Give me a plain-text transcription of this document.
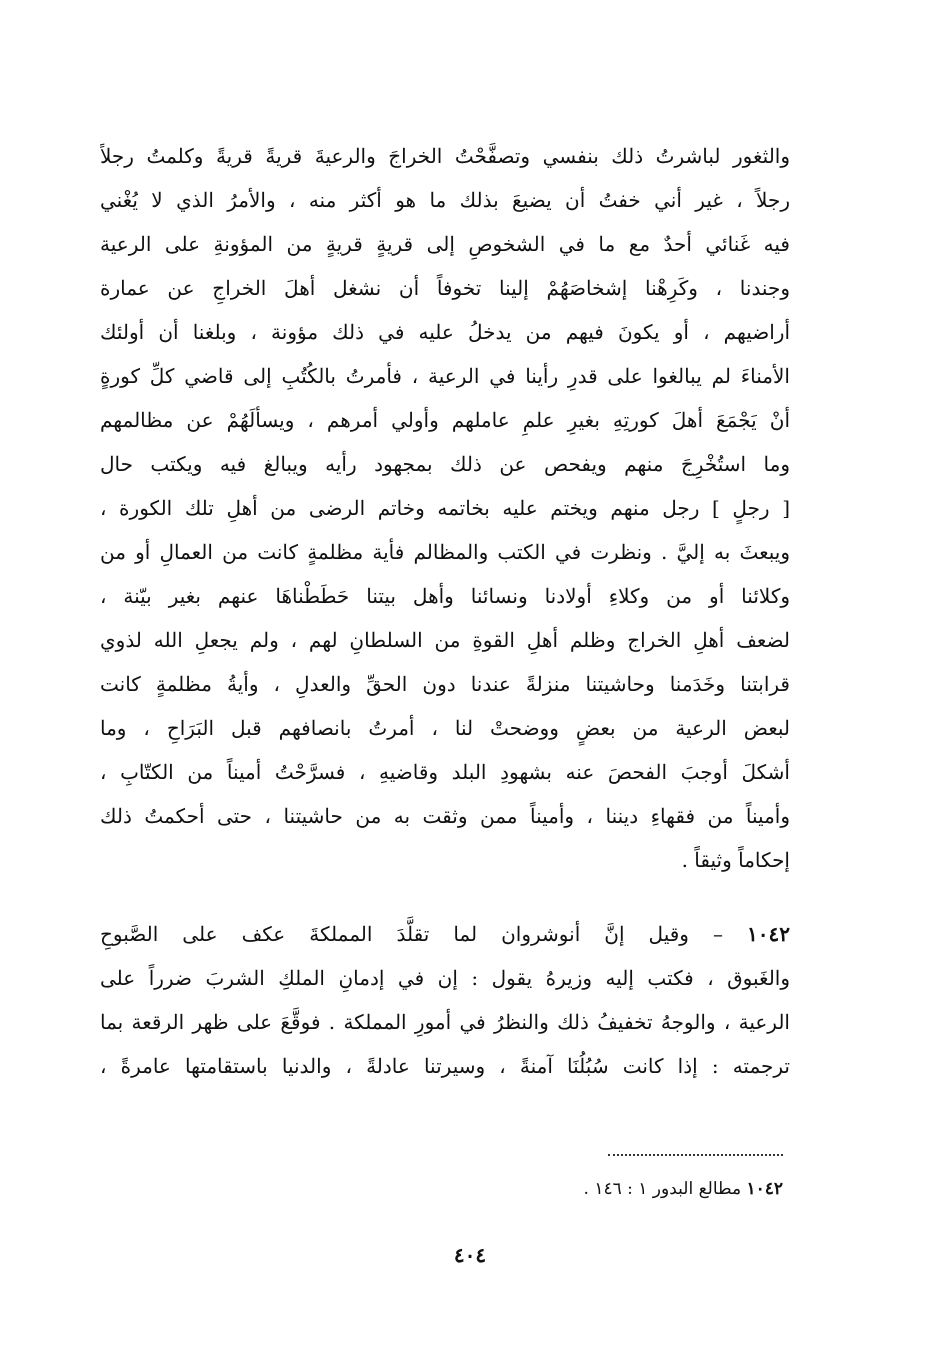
والثغور لباشرتُ ذلك بنفسي وتصفَّحْتُ الخراجَ والرعيةَ قريةً قريةً وكلمتُ رجلاً
رجلاً ، غير أني خفتُ أن يضيعَ بذلك ما هو أكثر منه ، والأمرُ الذي لا يُغْني
فيه غَنائي أحدٌ مع ما في الشخوصِ إلى قريةٍ قريةٍ من المؤونةِ على الرعية
وجندنا ، وكَرِهْنا إشخاصَهُمْ إلينا تخوفاً أن نشغل أهلَ الخراجِ عن عمارة
أراضيهم ، أو يكونَ فيهم من يدخلُ عليه في ذلك مؤونة ، وبلغنا أن أولئك
الأمناءَ لم يبالغوا على قدرِ رأينا في الرعية ، فأمرتُ بالكُتُبِ إلى قاضي كلِّ كورةٍ
أنْ يَجْمَعَ أهلَ كورتِهِ بغيرِ علمِ عاملهم وأولي أمرهم ، ويسألَهُمْ عن مظالمهم
وما استُخْرِجَ منهم ويفحص عن ذلك بمجهود رأيه ويبالغ فيه ويكتب حال
[ رجلٍ ] رجل منهم ويختم عليه بخاتمه وخاتم الرضى من أهلِ تلك الكورة ،
ويبعثَ به إليَّ . ونظرت في الكتب والمظالم فأية مظلمةٍ كانت من العمالِ أو من
وكلائنا أو من وكلاءِ أولادنا ونسائنا وأهل بيتنا حَطَطْناهَا عنهم بغير بيّنة ،
لضعف أهلِ الخراج وظلم أهلِ القوةِ من السلطانِ لهم ، ولم يجعلِ الله لذوي
قرابتنا وخَدَمنا وحاشيتنا منزلةً عندنا دون الحقِّ والعدلِ ، وأيةُ مظلمةٍ كانت
لبعض الرعية من بعضٍ ووضحتْ لنا ، أمرتُ بانصافهم قبل البَرَاحِ ، وما
أشكلَ أوجبَ الفحصَ عنه بشهودِ البلد وقاضيهِ ، فسرَّحْتُ أميناً من الكتّابِ ،
وأميناً من فقهاءِ ديننا ، وأميناً ممن وثقت به من حاشيتنا ، حتى أحكمتُ ذلك
إحكاماً وثيقاً .
١٠٤٢ – وقيل إنَّ أنوشروان لما تقلَّدَ المملكةَ عكف على الصَّبوحِ
والغَبوق ، فكتب إليه وزيرهُ يقول : إن في إدمانِ الملكِ الشربَ ضرراً على
الرعية ، والوجهُ تخفيفُ ذلك والنظرُ في أمورِ المملكة . فوقَّعَ على ظهر الرقعة بما
ترجمته : إذا كانت سُبُلُنَا آمنةً ، وسيرتنا عادلةً ، والدنيا باستقامتها عامرةً ،
١٠٤٢ مطالع البدور ١ : ١٤٦ .
٤٠٤
